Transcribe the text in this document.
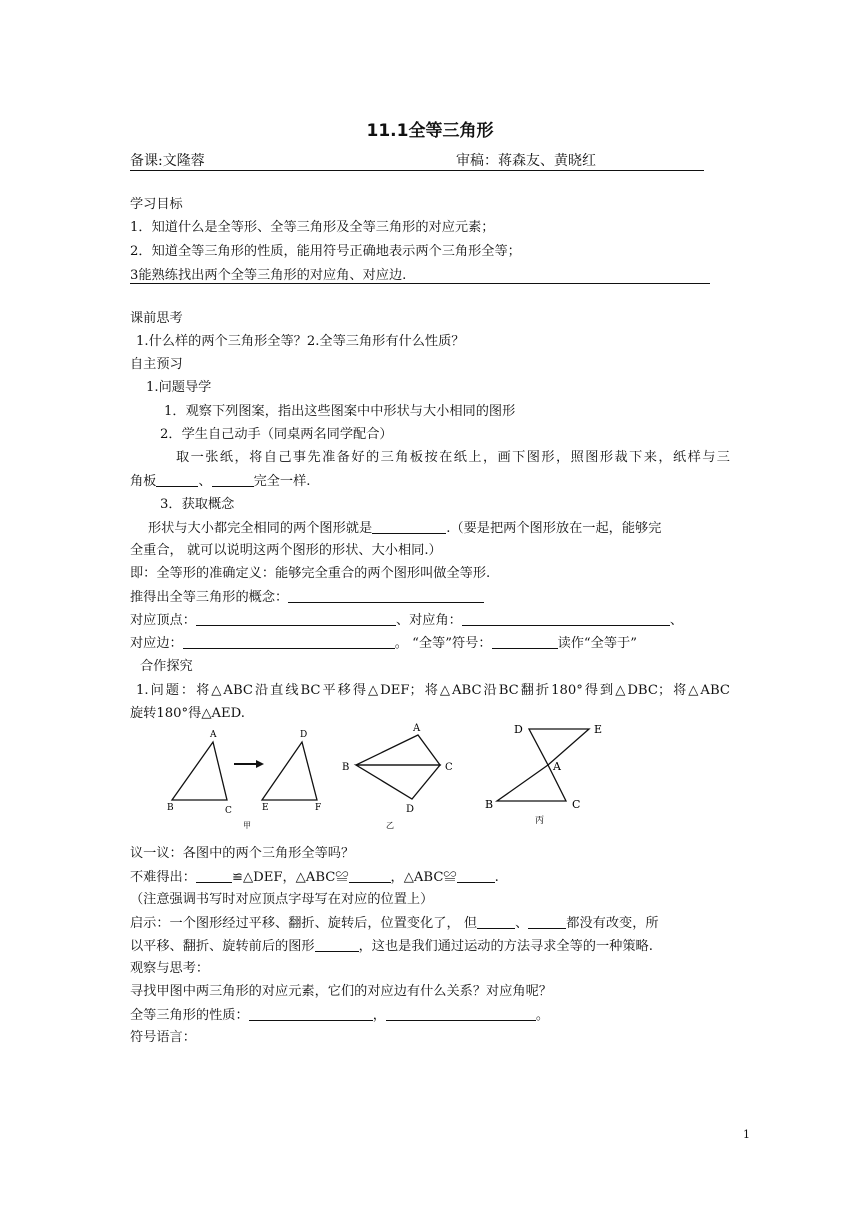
11.1全等三角形
备课:文隆蓉	审稿：蒋森友、黄晓红
学习目标
1．知道什么是全等形、全等三角形及全等三角形的对应元素；
2．知道全等三角形的性质，能用符号正确地表示两个三角形全等；
3能熟练找出两个全等三角形的对应角、对应边.
课前思考
1.什么样的两个三角形全等？2.全等三角形有什么性质？
自主预习
1.问题导学
1．观察下列图案，指出这些图案中中形状与大小相同的图形
2．学生自己动手（同桌两名同学配合）
取一张纸，将自己事先准备好的三角板按在纸上，画下图形，照图形裁下来，纸样与三
角板	、	完全一样.
3．获取概念
形状与大小都完全相同的两个图形就是	.（要是把两个图形放在一起，能够完
全重合， 就可以说明这两个图形的形状、大小相同.）
即：全等形的准确定义：能够完全重合的两个图形叫做全等形.
推得出全等三角形的概念：
对应顶点：	、对应角：	、
对应边：	。 “全等”符号：	读作“全等于”
合作探究
1.问题：将△ABC沿直线BC平移得△DEF；将△ABC沿BC翻折180°得到△DBC；将△ABC
旋转180°得△AED.
A
B	C
D
E	F
甲
A
B	C
D
乙
D	E
A
B	C
丙
议一议：各图中的两个三角形全等吗？
不难得出：	≌△DEF，△ABC≌	，△ABC≌	.
（注意强调书写时对应顶点字母写在对应的位置上）
启示：一个图形经过平移、翻折、旋转后，位置变化了， 但	、	都没有改变，所
以平移、翻折、旋转前后的图形	，这也是我们通过运动的方法寻求全等的一种策略.
观察与思考：
寻找甲图中两三角形的对应元素，它们的对应边有什么关系？对应角呢？
全等三角形的性质：	，	。
符号语言：
1
